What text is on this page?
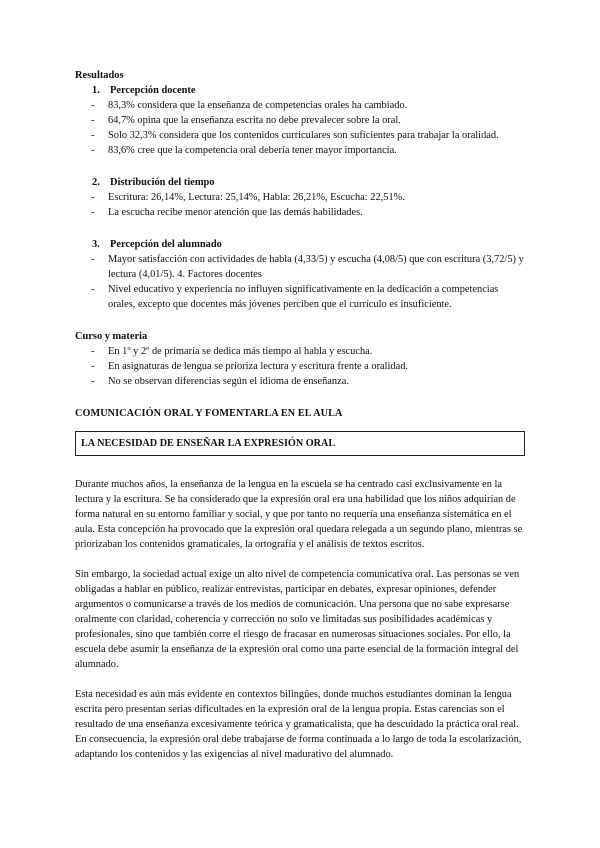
Resultados
1. Percepción docente
- 83,3% considera que la enseñanza de competencias orales ha cambiado.
- 64,7% opina que la enseñanza escrita no debe prevalecer sobre la oral.
- Solo 32,3% considera que los contenidos curriculares son suficientes para trabajar la oralidad.
- 83,6% cree que la competencia oral debería tener mayor importancia.
2. Distribución del tiempo
- Escritura: 26,14%, Lectura: 25,14%, Habla: 26,21%, Escucha: 22,51%.
- La escucha recibe menor atención que las demás habilidades.
3. Percepción del alumnado
- Mayor satisfacción con actividades de habla (4,33/5) y escucha (4,08/5) que con escritura (3,72/5) y lectura (4,01/5). 4. Factores docentes
- Nivel educativo y experiencia no influyen significativamente en la dedicación a competencias orales, excepto que docentes más jóvenes perciben que el currículo es insuficiente.
Curso y materia
- En 1º y 2º de primaria se dedica más tiempo al habla y escucha.
- En asignaturas de lengua se prioriza lectura y escritura frente a oralidad.
- No se observan diferencias según el idioma de enseñanza.
COMUNICACIÓN ORAL Y FOMENTARLA EN EL AULA
LA NECESIDAD DE ENSEÑAR LA EXPRESIÓN ORAL

Durante muchos años, la enseñanza de la lengua en la escuela se ha centrado casi exclusivamente en la lectura y la escritura. Se ha considerado que la expresión oral era una habilidad que los niños adquirían de forma natural en su entorno familiar y social, y que por tanto no requería una enseñanza sistemática en el aula. Esta concepción ha provocado que la expresión oral quedara relegada a un segundo plano, mientras se priorizaban los contenidos gramaticales, la ortografía y el análisis de textos escritos.

Sin embargo, la sociedad actual exige un alto nivel de competencia comunicativa oral. Las personas se ven obligadas a hablar en público, realizar entrevistas, participar en debates, expresar opiniones, defender argumentos o comunicarse a través de los medios de comunicación. Una persona que no sabe expresarse oralmente con claridad, coherencia y corrección no solo ve limitadas sus posibilidades académicas y profesionales, sino que también corre el riesgo de fracasar en numerosas situaciones sociales. Por ello, la escuela debe asumir la enseñanza de la expresión oral como una parte esencial de la formación integral del alumnado.

Esta necesidad es aún más evidente en contextos bilingües, donde muchos estudiantes dominan la lengua escrita pero presentan serias dificultades en la expresión oral de la lengua propia. Estas carencias son el resultado de una enseñanza excesivamente teórica y gramaticalista, que ha descuidado la práctica oral real. En consecuencia, la expresión oral debe trabajarse de forma continuada a lo largo de toda la escolarización, adaptando los contenidos y las exigencias al nivel madurativo del alumnado.
